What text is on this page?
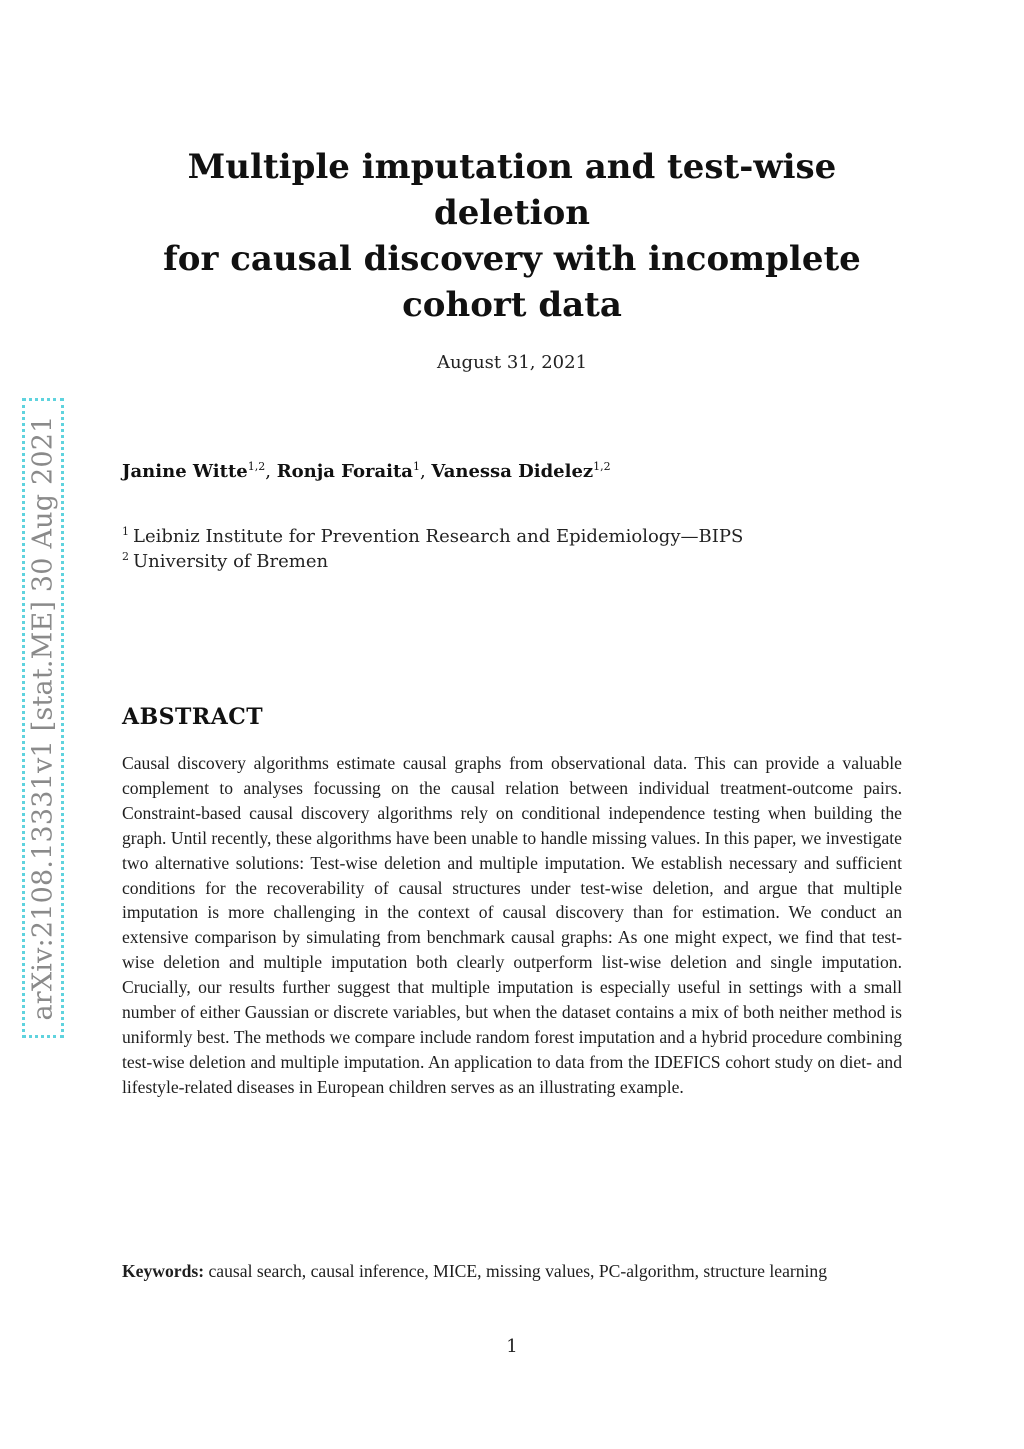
arXiv:2108.13331v1 [stat.ME] 30 Aug 2021
Multiple imputation and test-wise deletion
for causal discovery with incomplete
cohort data
August 31, 2021
Janine Witte$^{1,2}$, Ronja Foraita$^1$, Vanessa Didelez$^{1,2}$
$^1$ Leibniz Institute for Prevention Research and Epidemiology—BIPS
$^2$ University of Bremen
ABSTRACT

Causal discovery algorithms estimate causal graphs from observational data. This can provide a valuable complement to analyses focussing on the causal relation between individual treatment-outcome pairs. Constraint-based causal discovery algorithms rely on conditional independence testing when building the graph. Until recently, these algorithms have been unable to handle missing values. In this paper, we investigate two alternative solutions: Test-wise deletion and multiple imputation. We establish necessary and sufficient conditions for the recoverability of causal structures under test-wise deletion, and argue that multiple imputation is more challenging in the context of causal discovery than for estimation. We conduct an extensive comparison by simulating from benchmark causal graphs: As one might expect, we find that test-wise deletion and multiple imputation both clearly outperform list-wise deletion and single imputation. Crucially, our results further suggest that multiple imputation is especially useful in settings with a small number of either Gaussian or discrete variables, but when the dataset contains a mix of both neither method is uniformly best. The methods we compare include random forest imputation and a hybrid procedure combining test-wise deletion and multiple imputation. An application to data from the IDEFICS cohort study on diet- and lifestyle-related diseases in European children serves as an illustrating example.

Keywords: causal search, causal inference, MICE, missing values, PC-algorithm, structure learning

1
